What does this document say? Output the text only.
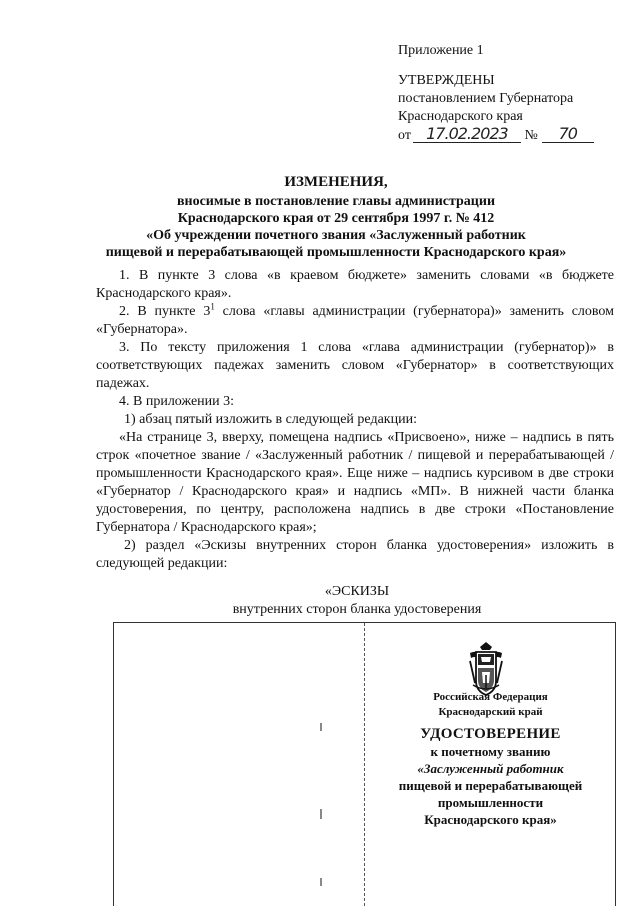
Приложение 1
УТВЕРЖДЕНЫ
постановлением Губернатора
Краснодарского края
от 17.02.2023 № 70
ИЗМЕНЕНИЯ,
вносимые в постановление главы администрации
Краснодарского края от 29 сентября 1997 г. № 412
«Об учреждении почетного звания «Заслуженный работник
пищевой и перерабатывающей промышленности Краснодарского края»

1. В пункте 3 слова «в краевом бюджете» заменить словами «в бюджете Краснодарского края».

2. В пункте $3^1$ слова «главы администрации (губернатора)» заменить словом «Губернатора».

3. По тексту приложения 1 слова «глава администрации (губернатор)» в соответствующих падежах заменить словом «Губернатор» в соответствующих падежах.

4. В приложении 3:

1) абзац пятый изложить в следующей редакции:

«На странице 3, вверху, помещена надпись «Присвоено», ниже – надпись в пять строк «почетное звание / «Заслуженный работник / пищевой и перерабатывающей / промышленности Краснодарского края». Еще ниже – надпись курсивом в две строки «Губернатор / Краснодарского края» и надпись «МП». В нижней части бланка удостоверения, по центру, расположена надпись в две строки «Постановление Губернатора / Краснодарского края»;

2) раздел «Эскизы внутренних сторон бланка удостоверения» изложить в следующей редакции:

«ЭСКИЗЫ
внутренних сторон бланка удостоверения
Российская Федерация
Краснодарский край
УДОСТОВЕРЕНИЕ
к почетному званию
«Заслуженный работник
пищевой и перерабатывающей
промышленности
Краснодарского края»
